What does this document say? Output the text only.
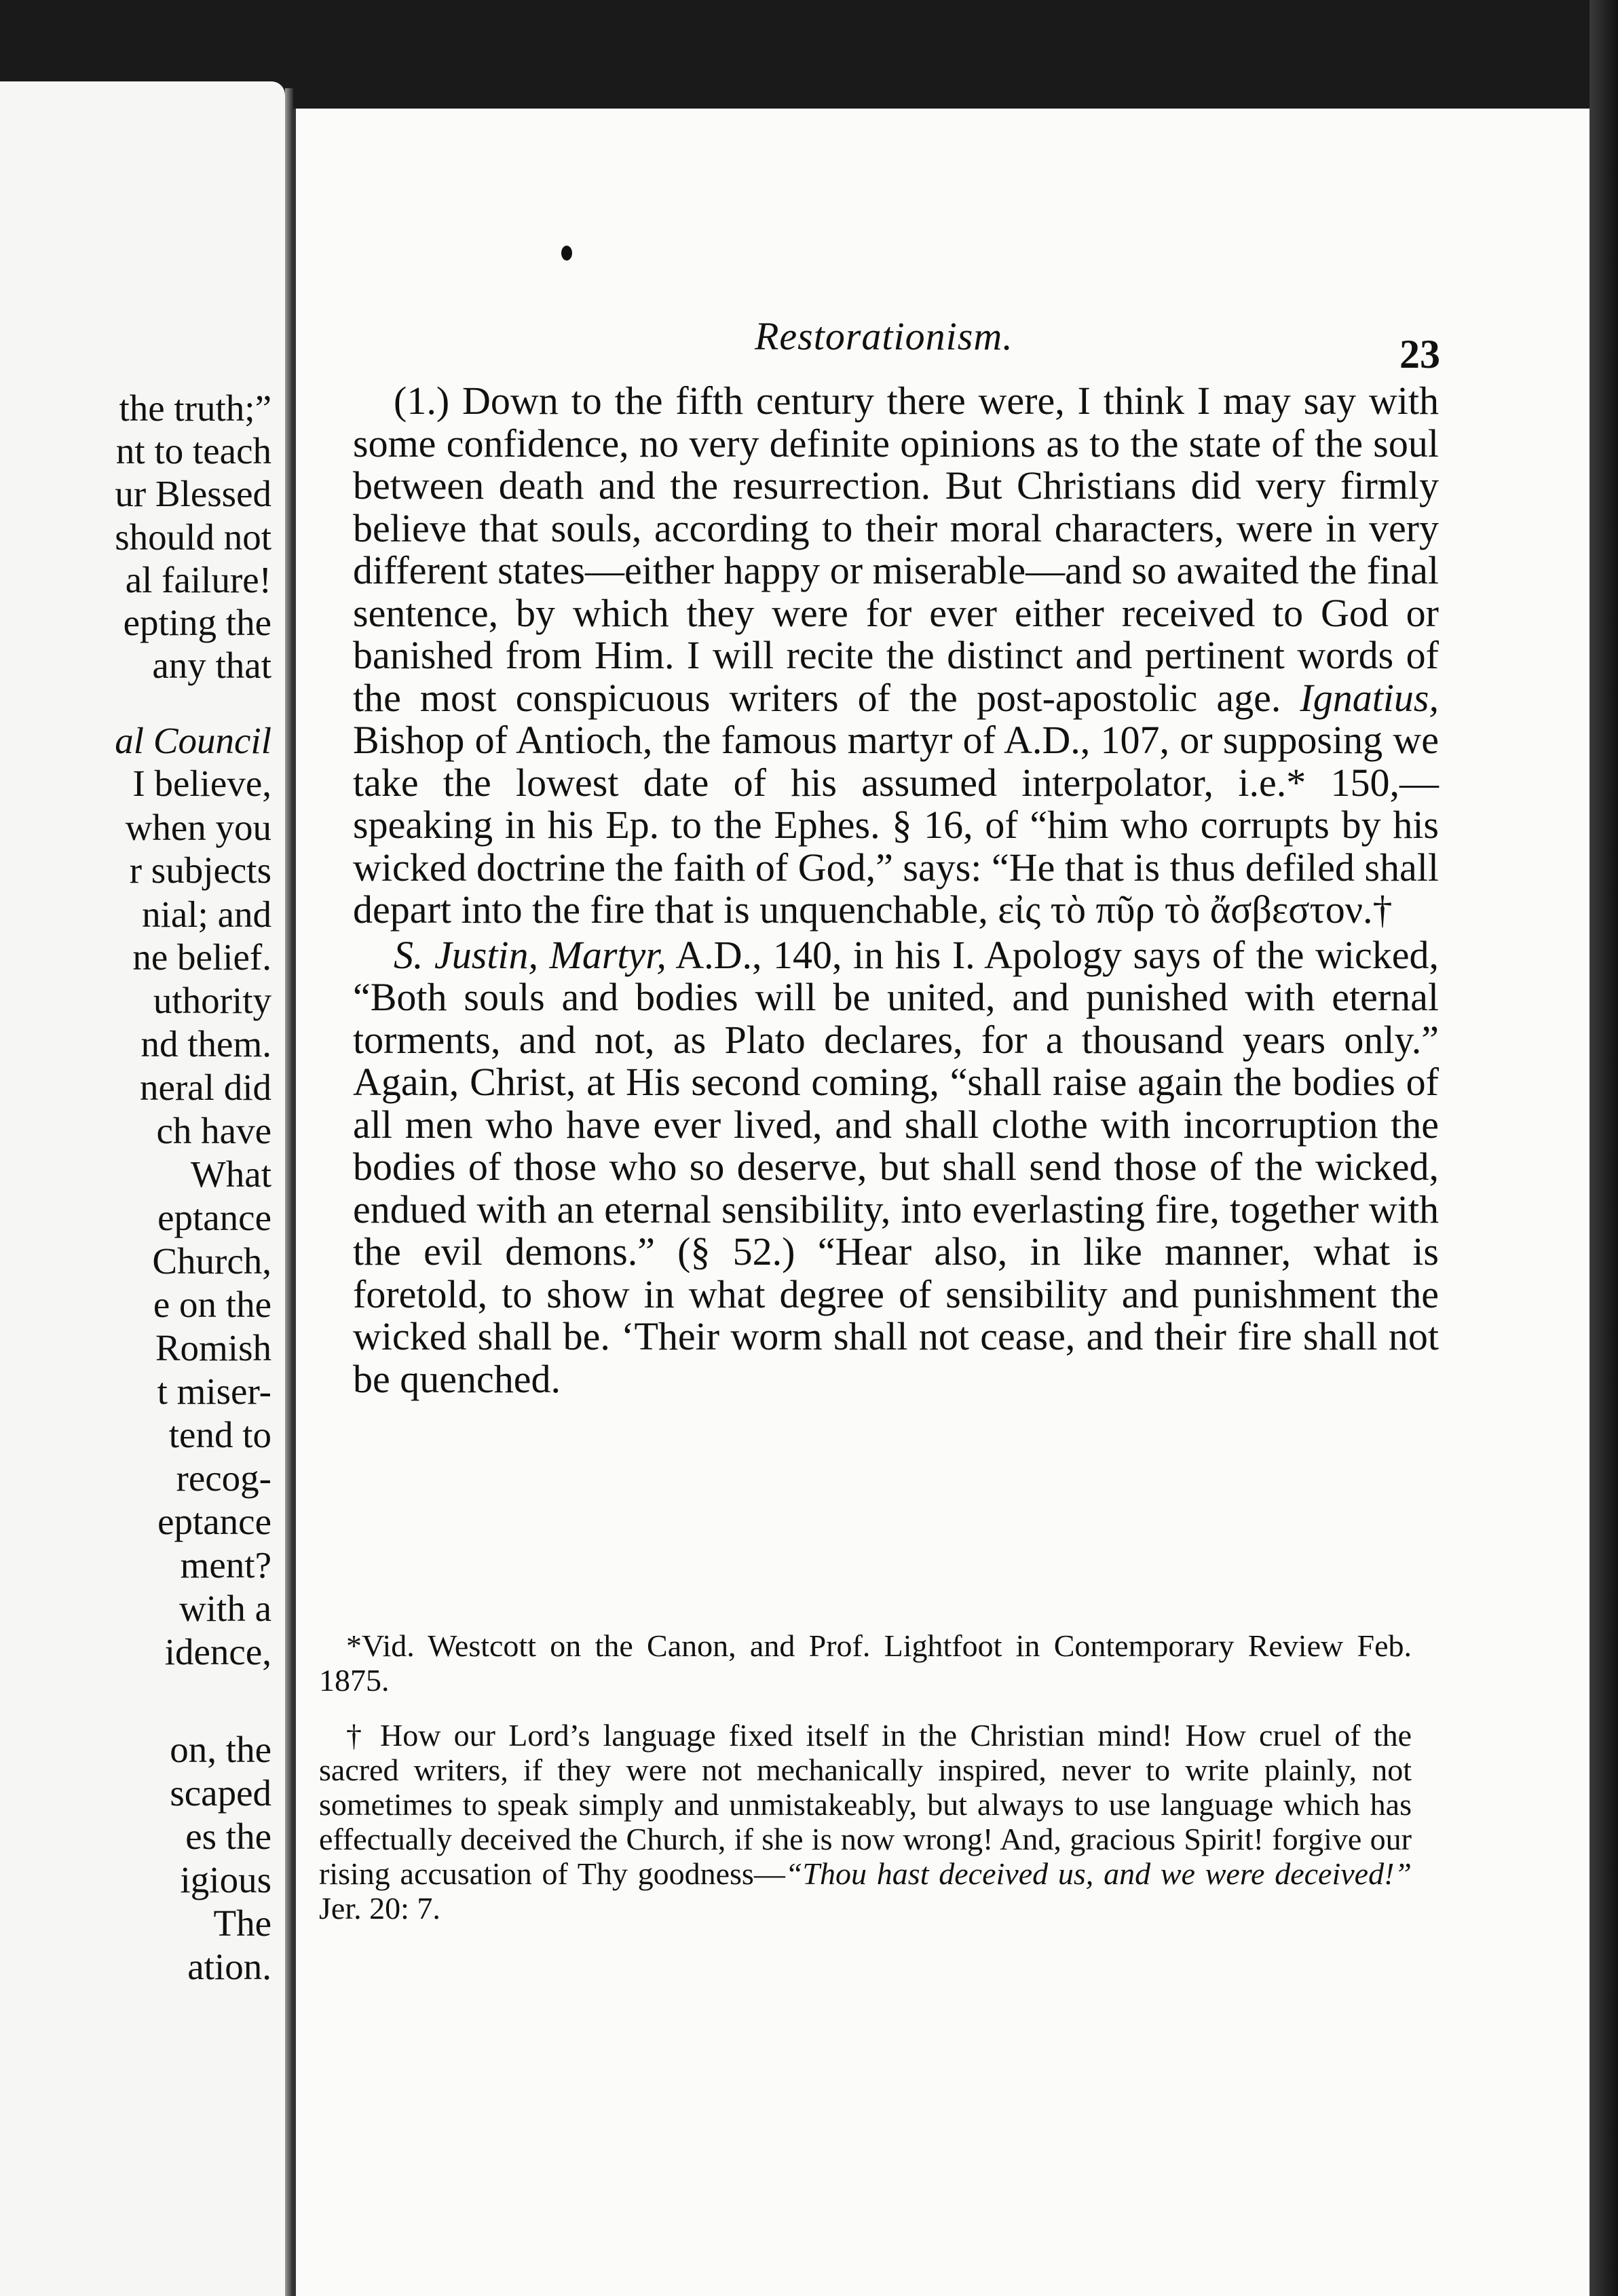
the truth;”
nt to teach
ur Blessed
should not
al failure!
epting the
any that
al Council
I believe,
when you
r subjects
nial; and
ne belief.
uthority
nd them.
neral did
ch have
What
eptance
Church,
e on the
Romish
t miser-
tend to
recog-
eptance
ment?
with a
idence,
on, the
scaped
es the
igious
The
ation.
Restorationism.	23

(1.) Down to the fifth century there were, I think I may say with some confidence, no very definite opinions as to the state of the soul between death and the resurrection. But Christians did very firmly believe that souls, according to their moral characters, were in very different states—either happy or miserable—and so awaited the final sentence, by which they were for ever either received to God or banished from Him. I will recite the distinct and pertinent words of the most conspicuous writers of the post-apostolic age. Ignatius, Bishop of Antioch, the famous martyr of A.D., 107, or supposing we take the lowest date of his assumed interpolator, i.e.* 150,—speaking in his Ep. to the Ephes. § 16, of “him who corrupts by his wicked doctrine the faith of God,” says: “He that is thus defiled shall depart into the fire that is unquenchable, εἰς τὸ πῦρ τὸ ἄσβεστον.†

S. Justin, Martyr, A.D., 140, in his I. Apology says of the wicked, “Both souls and bodies will be united, and punished with eternal torments, and not, as Plato declares, for a thousand years only.” Again, Christ, at His second coming, “shall raise again the bodies of all men who have ever lived, and shall clothe with incorruption the bodies of those who so deserve, but shall send those of the wicked, endued with an eternal sensibility, into everlasting fire, together with the evil demons.” (§ 52.) “Hear also, in like manner, what is foretold, to show in what degree of sensibility and punishment the wicked shall be. ‘Their worm shall not cease, and their fire shall not be quenched.

*Vid. Westcott on the Canon, and Prof. Lightfoot in Contemporary Review Feb. 1875.

† How our Lord’s language fixed itself in the Christian mind! How cruel of the sacred writers, if they were not mechanically inspired, never to write plainly, not sometimes to speak simply and unmistakeably, but always to use language which has effectually deceived the Church, if she is now wrong! And, gracious Spirit! forgive our rising accusation of Thy goodness—“Thou hast deceived us, and we were deceived!” Jer. 20: 7.
